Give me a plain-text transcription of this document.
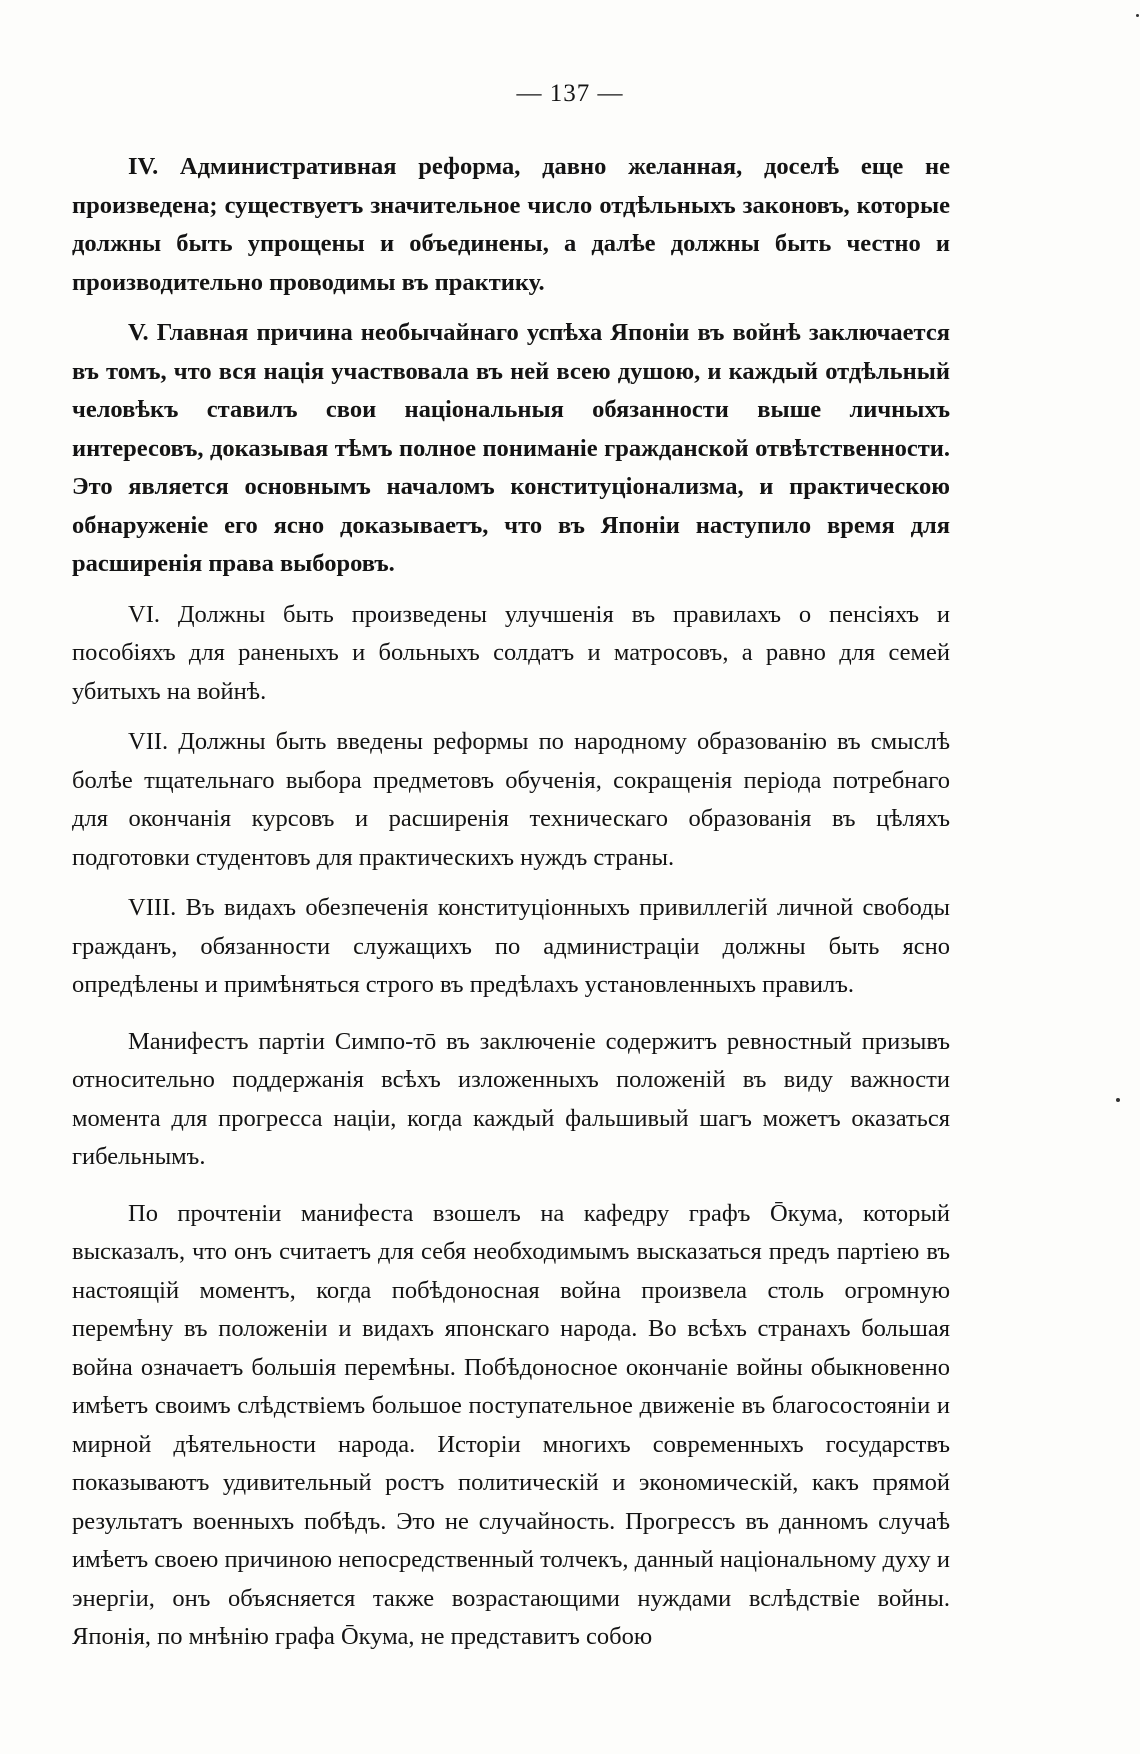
— 137 —

IV. Административная реформа, давно желанная, доселѣ еще не произведена; существуетъ значительное число отдѣльныхъ законовъ, которые должны быть упрощены и объединены, а далѣе должны быть честно и производительно проводимы въ практику.

V. Главная причина необычайнаго успѣха Японіи въ войнѣ заключается въ томъ, что вся нація участвовала въ ней всею душою, и каждый отдѣльный человѣкъ ставилъ свои національныя обязанности выше личныхъ интересовъ, доказывая тѣмъ полное пониманіе гражданской отвѣтственности. Это является основнымъ началомъ конституціонализма, и практическою обнаруженіе его ясно доказываетъ, что въ Японіи наступило время для расширенія права выборовъ.

VI. Должны быть произведены улучшенія въ правилахъ о пенсіяхъ и пособіяхъ для раненыхъ и больныхъ солдатъ и матросовъ, а равно для семей убитыхъ на войнѣ.

VII. Должны быть введены реформы по народному образованію въ смыслѣ болѣе тщательнаго выбора предметовъ обученія, сокращенія періода потребнаго для окончанія курсовъ и расширенія техническаго образованія въ цѣляхъ подготовки студентовъ для практическихъ нуждъ страны.

VIII. Въ видахъ обезпеченія конституціонныхъ привиллегій личной свободы гражданъ, обязанности служащихъ по администраціи должны быть ясно опредѣлены и примѣняться строго въ предѣлахъ установленныхъ правилъ.

Манифестъ партіи Симпо-тō въ заключеніе содержитъ ревностный призывъ относительно поддержанія всѣхъ изложенныхъ положеній въ виду важности момента для прогресса націи, когда каждый фальшивый шагъ можетъ оказаться гибельнымъ.

По прочтеніи манифеста взошелъ на кафедру графъ Ōкума, который высказалъ, что онъ считаетъ для себя необходимымъ высказаться предъ партіею въ настоящій моментъ, когда побѣдоносная война произвела столь огромную перемѣну въ положеніи и видахъ японскаго народа. Во всѣхъ странахъ большая война означаетъ большія перемѣны. Побѣдоносное окончаніе войны обыкновенно имѣетъ своимъ слѣдствіемъ большое поступательное движеніе въ благосостояніи и мирной дѣятельности народа. Исторіи многихъ современныхъ государствъ показываютъ удивительный ростъ политическій и экономическій, какъ прямой результатъ военныхъ побѣдъ. Это не случайность. Прогрессъ въ данномъ случаѣ имѣетъ своею причиною непосредственный толчекъ, данный національному духу и энергіи, онъ объясняется также возрастающими нуждами вслѣдствіе войны. Японія, по мнѣнію графа Ōкума, не представитъ собою
